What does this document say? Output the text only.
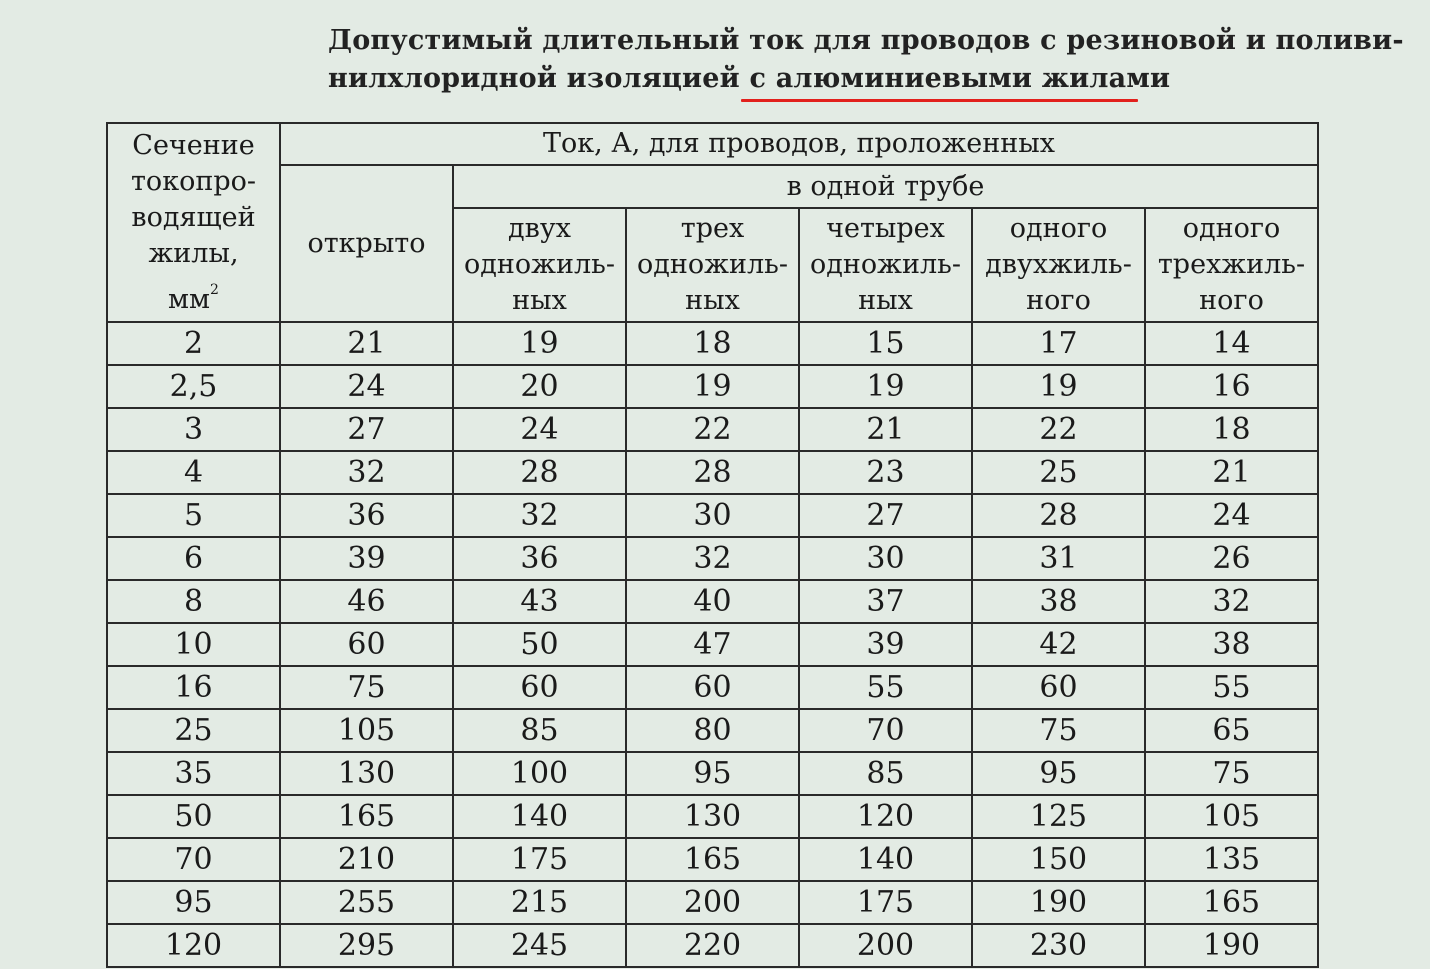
Допустимый длительный ток для проводов с резиновой и поливи-
нилхлоридной изоляцией с алюминиевыми жилами
Сечение токопро- водящей жилы, $мм^2$	Ток, А, для проводов, проложенных					
	открыто	в одной трубе				

		двух
одножиль-
ных	трех
одножиль-
ных	четырех
одножиль-
ных	одного
двухжиль-
ного	одного
трехжиль-
ного

2	21	19	18	15	17	14
2,5	24	20	19	19	19	16
3	27	24	22	21	22	18
4	32	28	28	23	25	21
5	36	32	30	27	28	24
6	39	36	32	30	31	26
8	46	43	40	37	38	32
10	60	50	47	39	42	38
16	75	60	60	55	60	55
25	105	85	80	70	75	65
35	130	100	95	85	95	75
50	165	140	130	120	125	105
70	210	175	165	140	150	135
95	255	215	200	175	190	165
120	295	245	220	200	230	190
